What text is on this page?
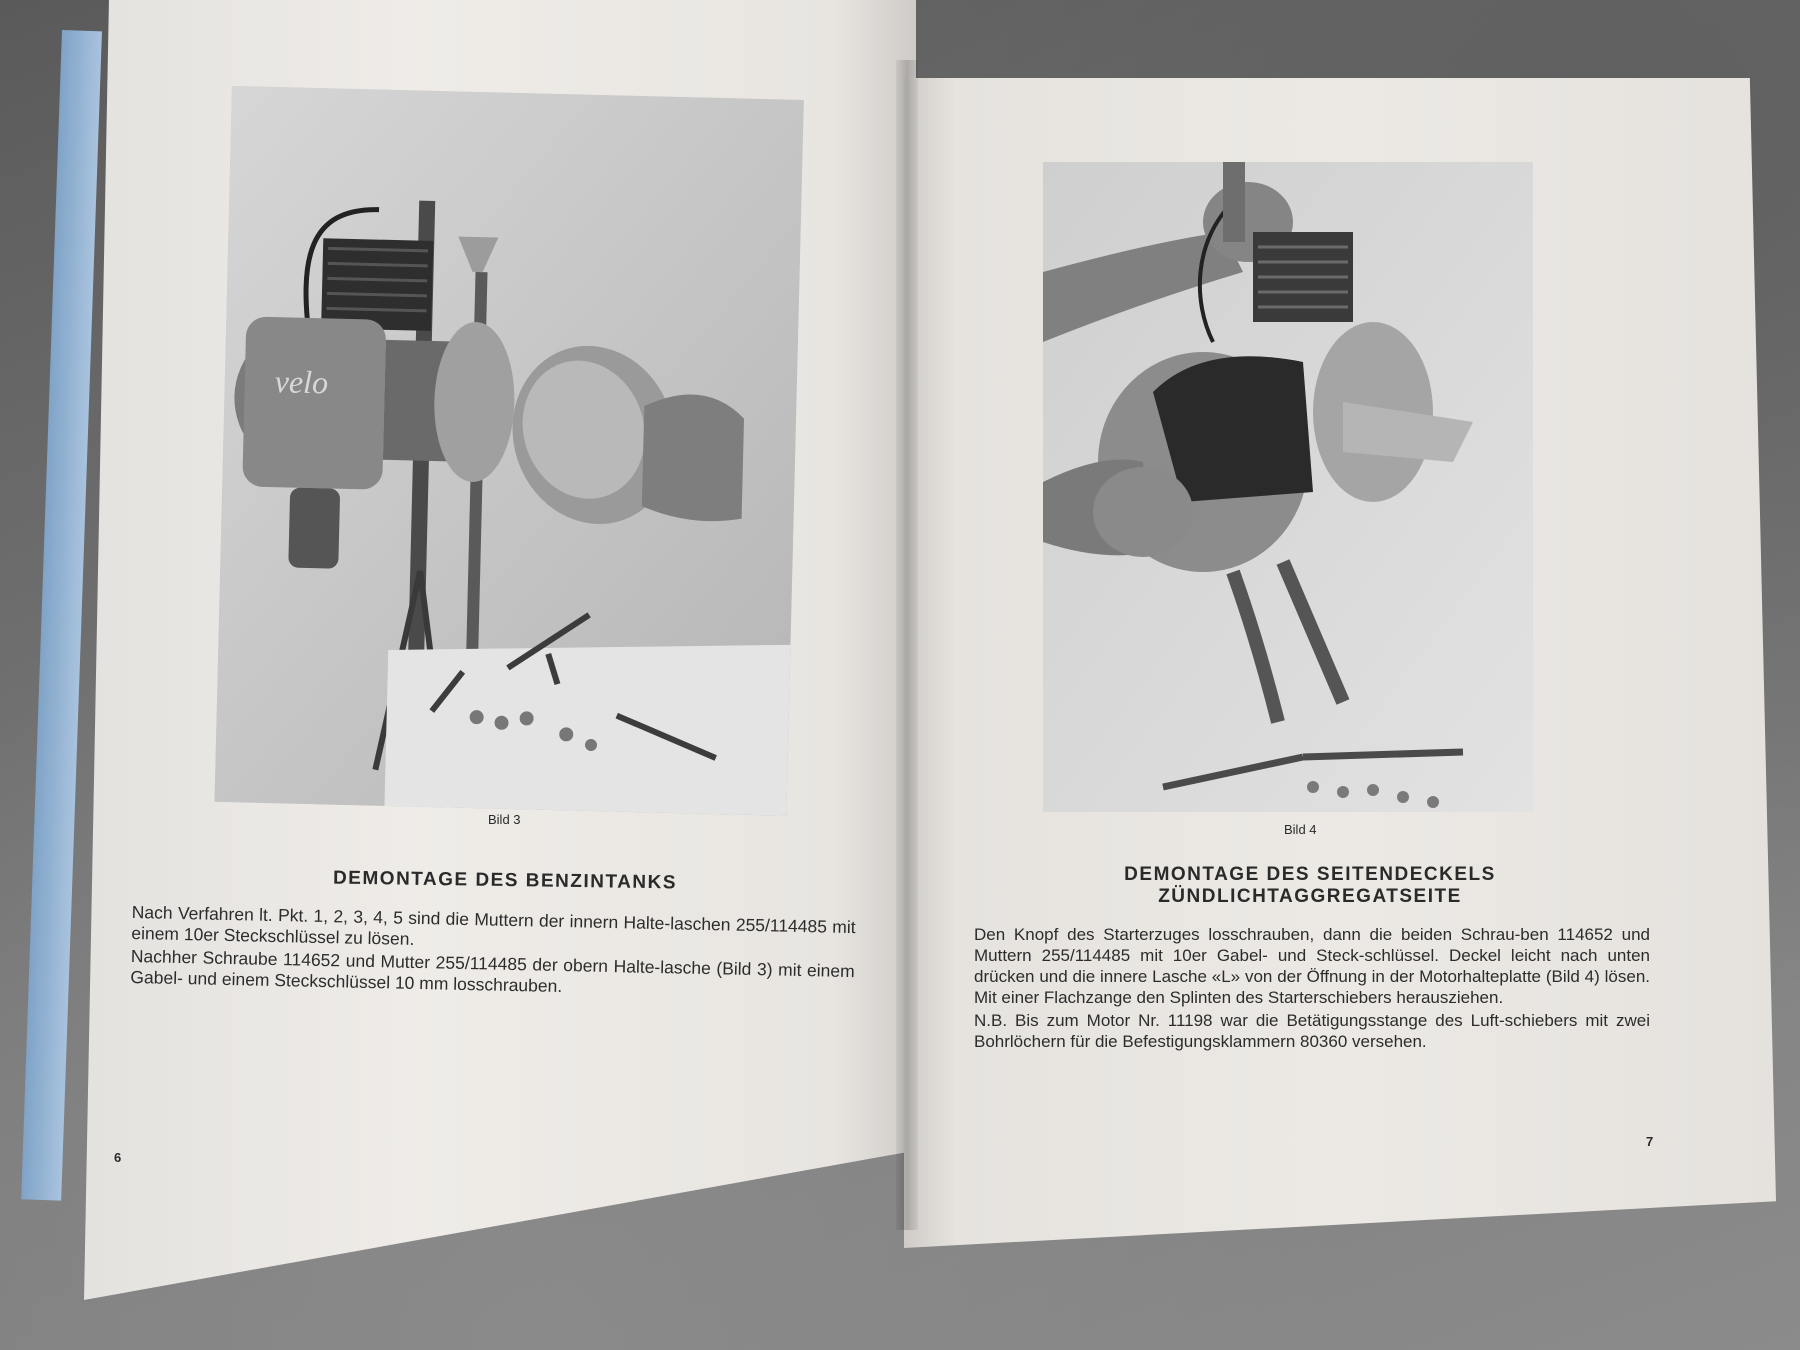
velo
Bild 3
DEMONTAGE DES BENZINTANKS

Nach Verfahren lt. Pkt. 1, 2, 3, 4, 5 sind die Muttern der innern Halte-laschen 255/114485 mit einem 10er Steckschlüssel zu lösen.

Nachher Schraube 114652 und Mutter 255/114485 der obern Halte-lasche (Bild 3) mit einem Gabel- und einem Steckschlüssel 10 mm losschrauben.

6
Bild 4
DEMONTAGE DES SEITENDECKELS
ZÜNDLICHTAGGREGATSEITE

Den Knopf des Starterzuges losschrauben, dann die beiden Schrau-ben 114652 und Muttern 255/114485 mit 10er Gabel- und Steck-schlüssel. Deckel leicht nach unten drücken und die innere Lasche «L» von der Öffnung in der Motorhalteplatte (Bild 4) lösen. Mit einer Flachzange den Splinten des Starterschiebers herausziehen.

N.B. Bis zum Motor Nr. 11198 war die Betätigungsstange des Luft-schiebers mit zwei Bohrlöchern für die Befestigungsklammern 80360 versehen.

7
